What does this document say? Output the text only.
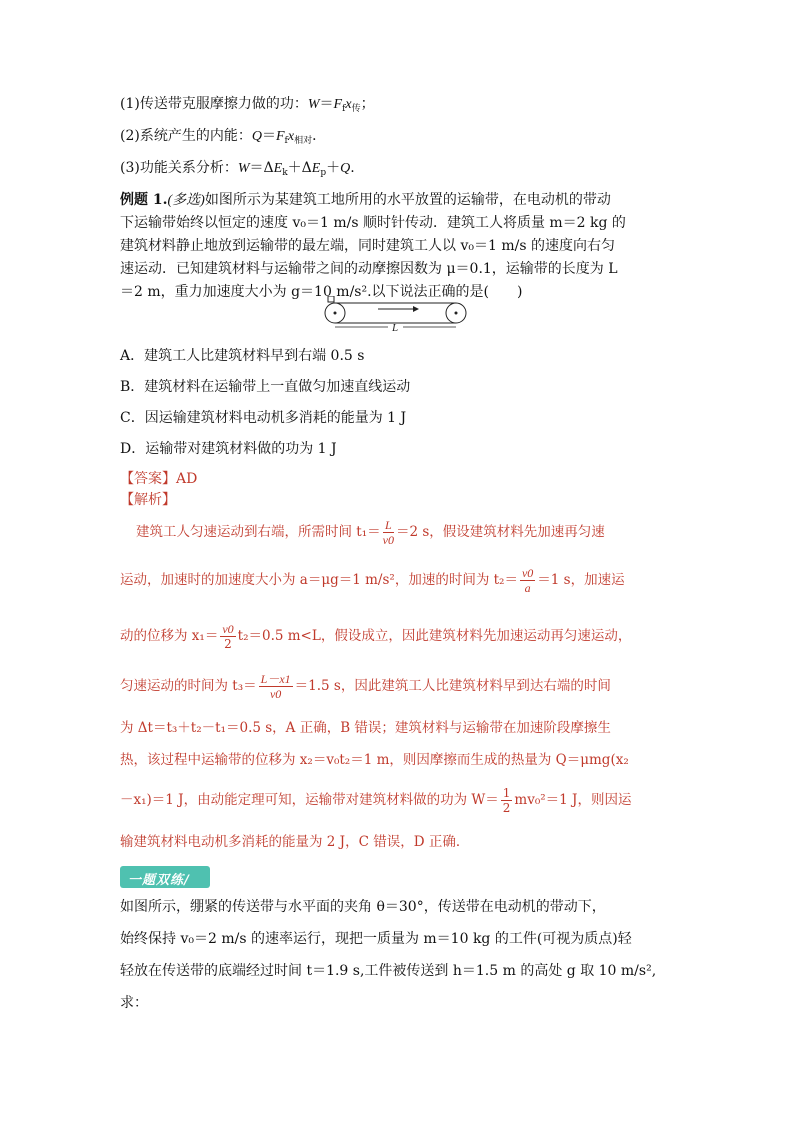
(1)传送带克服摩擦力做的功：$W=F_fx_传$；
(2)系统产生的内能：$Q=F_fx_{相对}$．
(3)功能关系分析：$W=\Delta E_k+\Delta E_p+Q$.
例题 1.(多选)如图所示为某建筑工地所用的水平放置的运输带，在电动机的带动
下运输带始终以恒定的速度 v₀＝1 m/s 顺时针传动．建筑工人将质量 m＝2 kg 的
建筑材料静止地放到运输带的最左端，同时建筑工人以 v₀＝1 m/s 的速度向右匀
速运动．已知建筑材料与运输带之间的动摩擦因数为 μ＝0.1，运输带的长度为 L
＝2 m，重力加速度大小为 g＝10 m/s².以下说法正确的是(　　)
L
A．建筑工人比建筑材料早到右端 0.5 s
B．建筑材料在运输带上一直做匀加速直线运动
C．因运输建筑材料电动机多消耗的能量为 1 J
D．运输带对建筑材料做的功为 1 J
【答案】AD
【解析】
建筑工人匀速运动到右端，所需时间 $t_1= \frac{L}{v0} =2$ s，假设建筑材料先加速再匀速
运动，加速时的加速度大小为 a＝μg＝1 m/s²，加速的时间为 $t_2= \frac{v0}{a} =1$ s，加速运
动的位移为 $x_1= \frac{v0}{2} t_2=0.5$ m<L，假设成立，因此建筑材料先加速运动再匀速运动，
匀速运动的时间为 $t_3= \frac{L-x1}{v0} =1.5$ s，因此建筑工人比建筑材料早到达右端的时间
为 Δt＝t₃＋t₂－t₁＝0.5 s，A 正确，B 错误；建筑材料与运输带在加速阶段摩擦生
热，该过程中运输带的位移为 x₂＝v₀t₂＝1 m，则因摩擦而生成的热量为 Q＝μmg(x₂
－x₁)＝1 J，由动能定理可知，运输带对建筑材料做的功为 $W= \frac{1}{2} mv_0^2=1$ J，则因运
输建筑材料电动机多消耗的能量为 2 J，C 错误，D 正确．
一题双练/
如图所示，绷紧的传送带与水平面的夹角 θ＝30°，传送带在电动机的带动下，
始终保持 v₀＝2 m/s 的速率运行，现把一质量为 m＝10 kg 的工件(可视为质点)轻
轻放在传送带的底端经过时间 t＝1.9 s,工件被传送到 h＝1.5 m 的高处 g 取 10 m/s²,
求：
